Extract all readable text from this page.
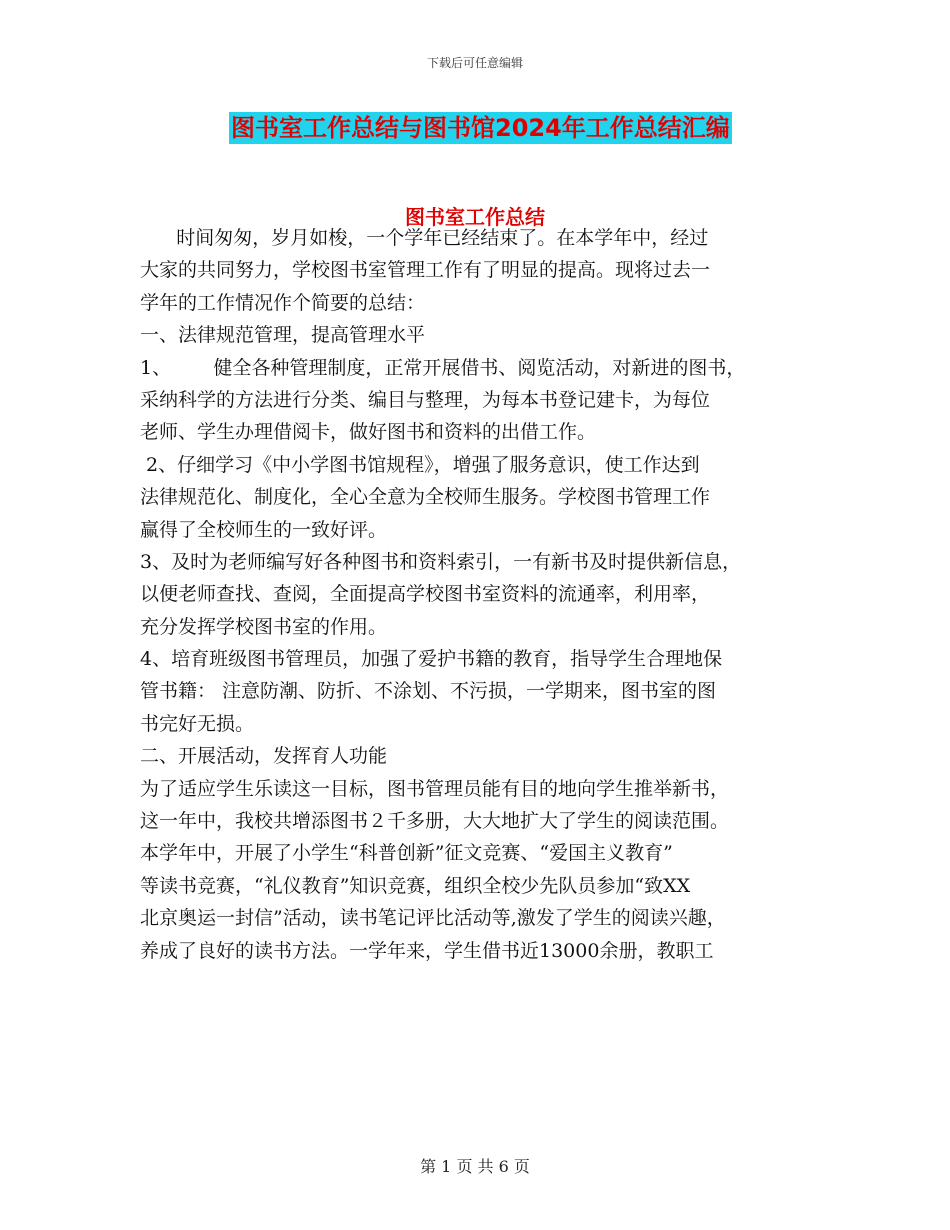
下载后可任意编辑
图书室工作总结与图书馆2024年工作总结汇编
图书室工作总结
时间匆匆，岁月如梭，一个学年已经结束了。在本学年中，经过
大家的共同努力，学校图书室管理工作有了明显的提高。现将过去一
学年的工作情况作个简要的总结：
一、法律规范管理，提高管理水平
1、       健全各种管理制度，正常开展借书、阅览活动，对新进的图书，
采纳科学的方法进行分类、编目与整理，为每本书登记建卡，为每位
老师、学生办理借阅卡，做好图书和资料的出借工作。
2、仔细学习《中小学图书馆规程》，增强了服务意识，使工作达到
法律规范化、制度化，全心全意为全校师生服务。学校图书管理工作
赢得了全校师生的一致好评。
3、及时为老师编写好各种图书和资料索引，一有新书及时提供新信息，
以便老师查找、查阅，全面提高学校图书室资料的流通率，利用率，
充分发挥学校图书室的作用。
4、培育班级图书管理员，加强了爱护书籍的教育，指导学生合理地保
管书籍： 注意防潮、防折、不涂划、不污损，一学期来，图书室的图
书完好无损。
二、开展活动，发挥育人功能
为了适应学生乐读这一目标，图书管理员能有目的地向学生推举新书，
这一年中，我校共增添图书２千多册，大大地扩大了学生的阅读范围。
本学年中，开展了小学生“科普创新”征文竞赛、“爱国主义教育”
等读书竞赛，“礼仪教育”知识竞赛，组织全校少先队员参加“致XX
北京奥运一封信”活动，读书笔记评比活动等,激发了学生的阅读兴趣，
养成了良好的读书方法。一学年来，学生借书近13000余册，教职工
第 1 页 共 6 页
